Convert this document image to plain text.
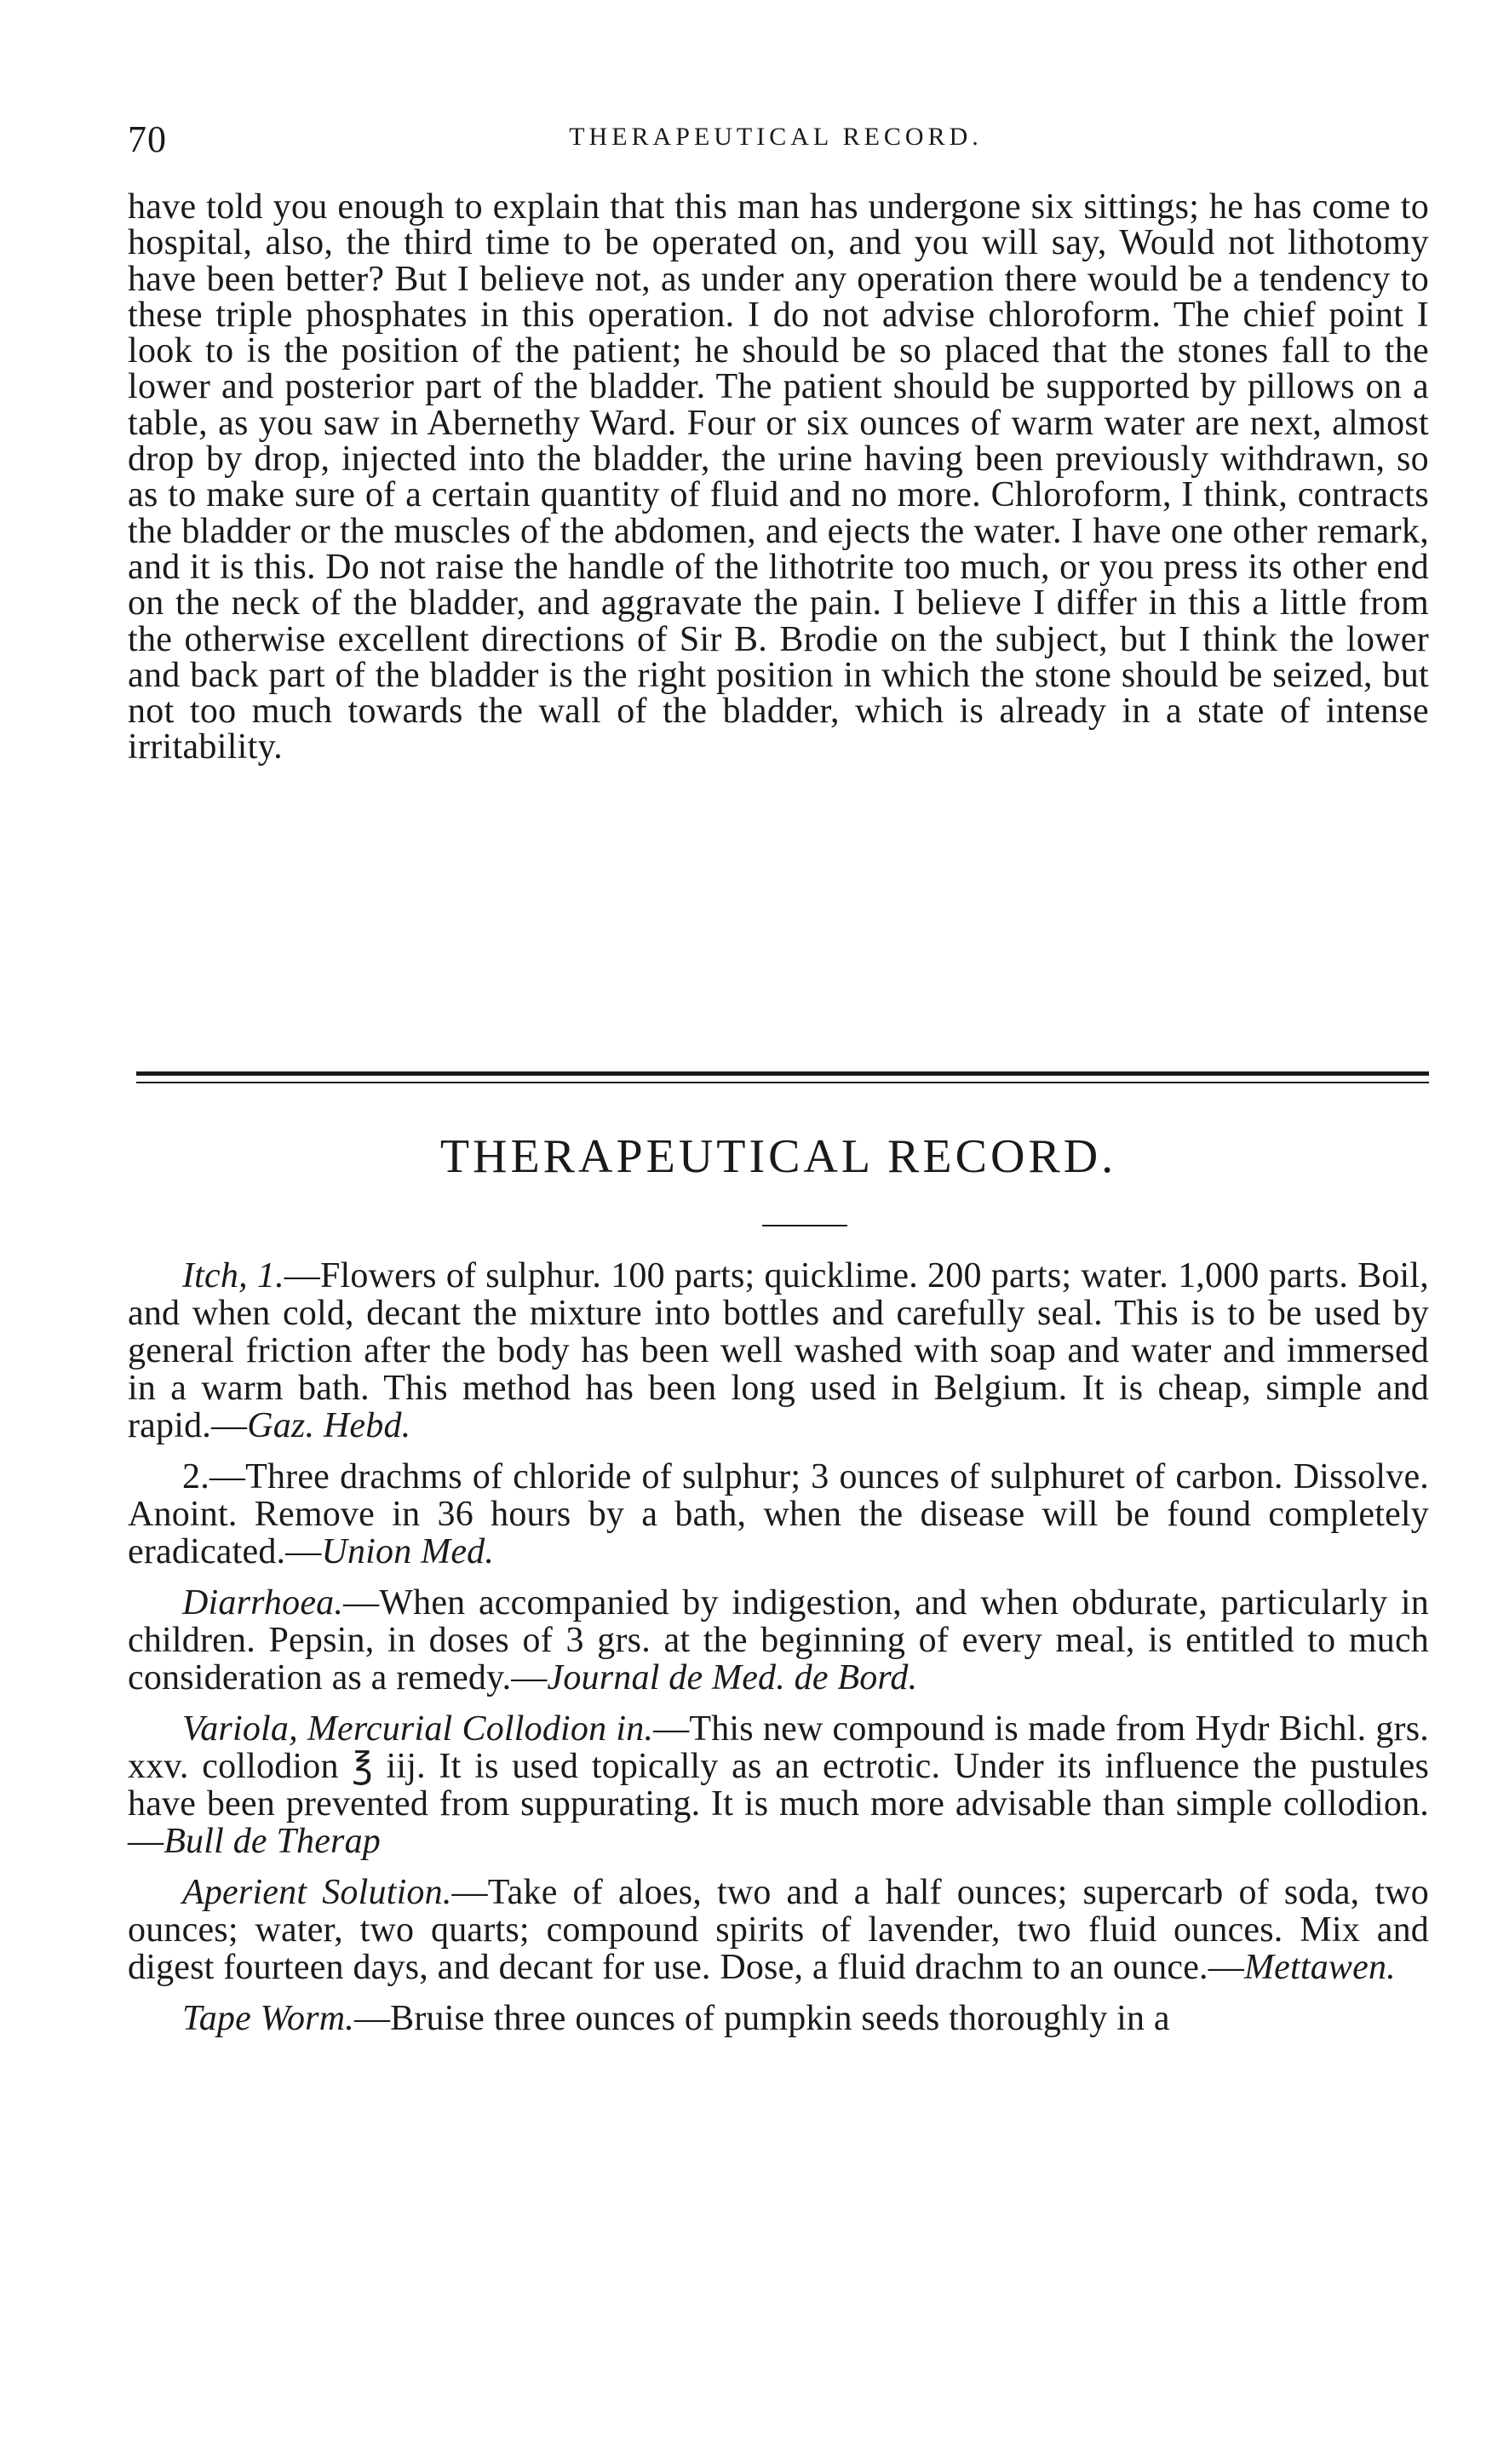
70	THERAPEUTICAL RECORD.

have told you enough to explain that this man has undergone six sittings; he has come to hospital, also, the third time to be operated on, and you will say, Would not lithotomy have been better? But I believe not, as under any operation there would be a tendency to these triple phosphates in this operation. I do not advise chloroform. The chief point I look to is the position of the patient; he should be so placed that the stones fall to the lower and posterior part of the bladder. The patient should be supported by pillows on a table, as you saw in Abernethy Ward. Four or six ounces of warm water are next, almost drop by drop, injected into the bladder, the urine having been previously withdrawn, so as to make sure of a certain quantity of fluid and no more. Chloroform, I think, contracts the bladder or the muscles of the abdomen, and ejects the water. I have one other remark, and it is this. Do not raise the handle of the lithotrite too much, or you press its other end on the neck of the bladder, and aggravate the pain. I believe I differ in this a little from the otherwise excellent directions of Sir B. Brodie on the subject, but I think the lower and back part of the bladder is the right position in which the stone should be seized, but not too much towards the wall of the bladder, which is already in a state of intense irritability.

THERAPEUTICAL RECORD.

Itch, 1.—Flowers of sulphur. 100 parts; quicklime. 200 parts; water. 1,000 parts. Boil, and when cold, decant the mixture into bottles and carefully seal. This is to be used by general friction after the body has been well washed with soap and water and immersed in a warm bath. This method has been long used in Belgium. It is cheap, simple and rapid.—Gaz. Hebd.

2.—Three drachms of chloride of sulphur; 3 ounces of sulphuret of carbon. Dissolve. Anoint. Remove in 36 hours by a bath, when the disease will be found completely eradicated.—Union Med.

Diarrhoea.—When accompanied by indigestion, and when obdurate, particularly in children. Pepsin, in doses of 3 grs. at the beginning of every meal, is entitled to much consideration as a remedy.—Journal de Med. de Bord.

Variola, Mercurial Collodion in.—This new compound is made from Hydr Bichl. grs. xxv. collodion ℥ iij. It is used topically as an ectrotic. Under its influence the pustules have been prevented from suppurating. It is much more advisable than simple collodion.—Bull de Therap

Aperient Solution.—Take of aloes, two and a half ounces; supercarb of soda, two ounces; water, two quarts; compound spirits of lavender, two fluid ounces. Mix and digest fourteen days, and decant for use. Dose, a fluid drachm to an ounce.—Mettawen.

Tape Worm.—Bruise three ounces of pumpkin seeds thoroughly in a
